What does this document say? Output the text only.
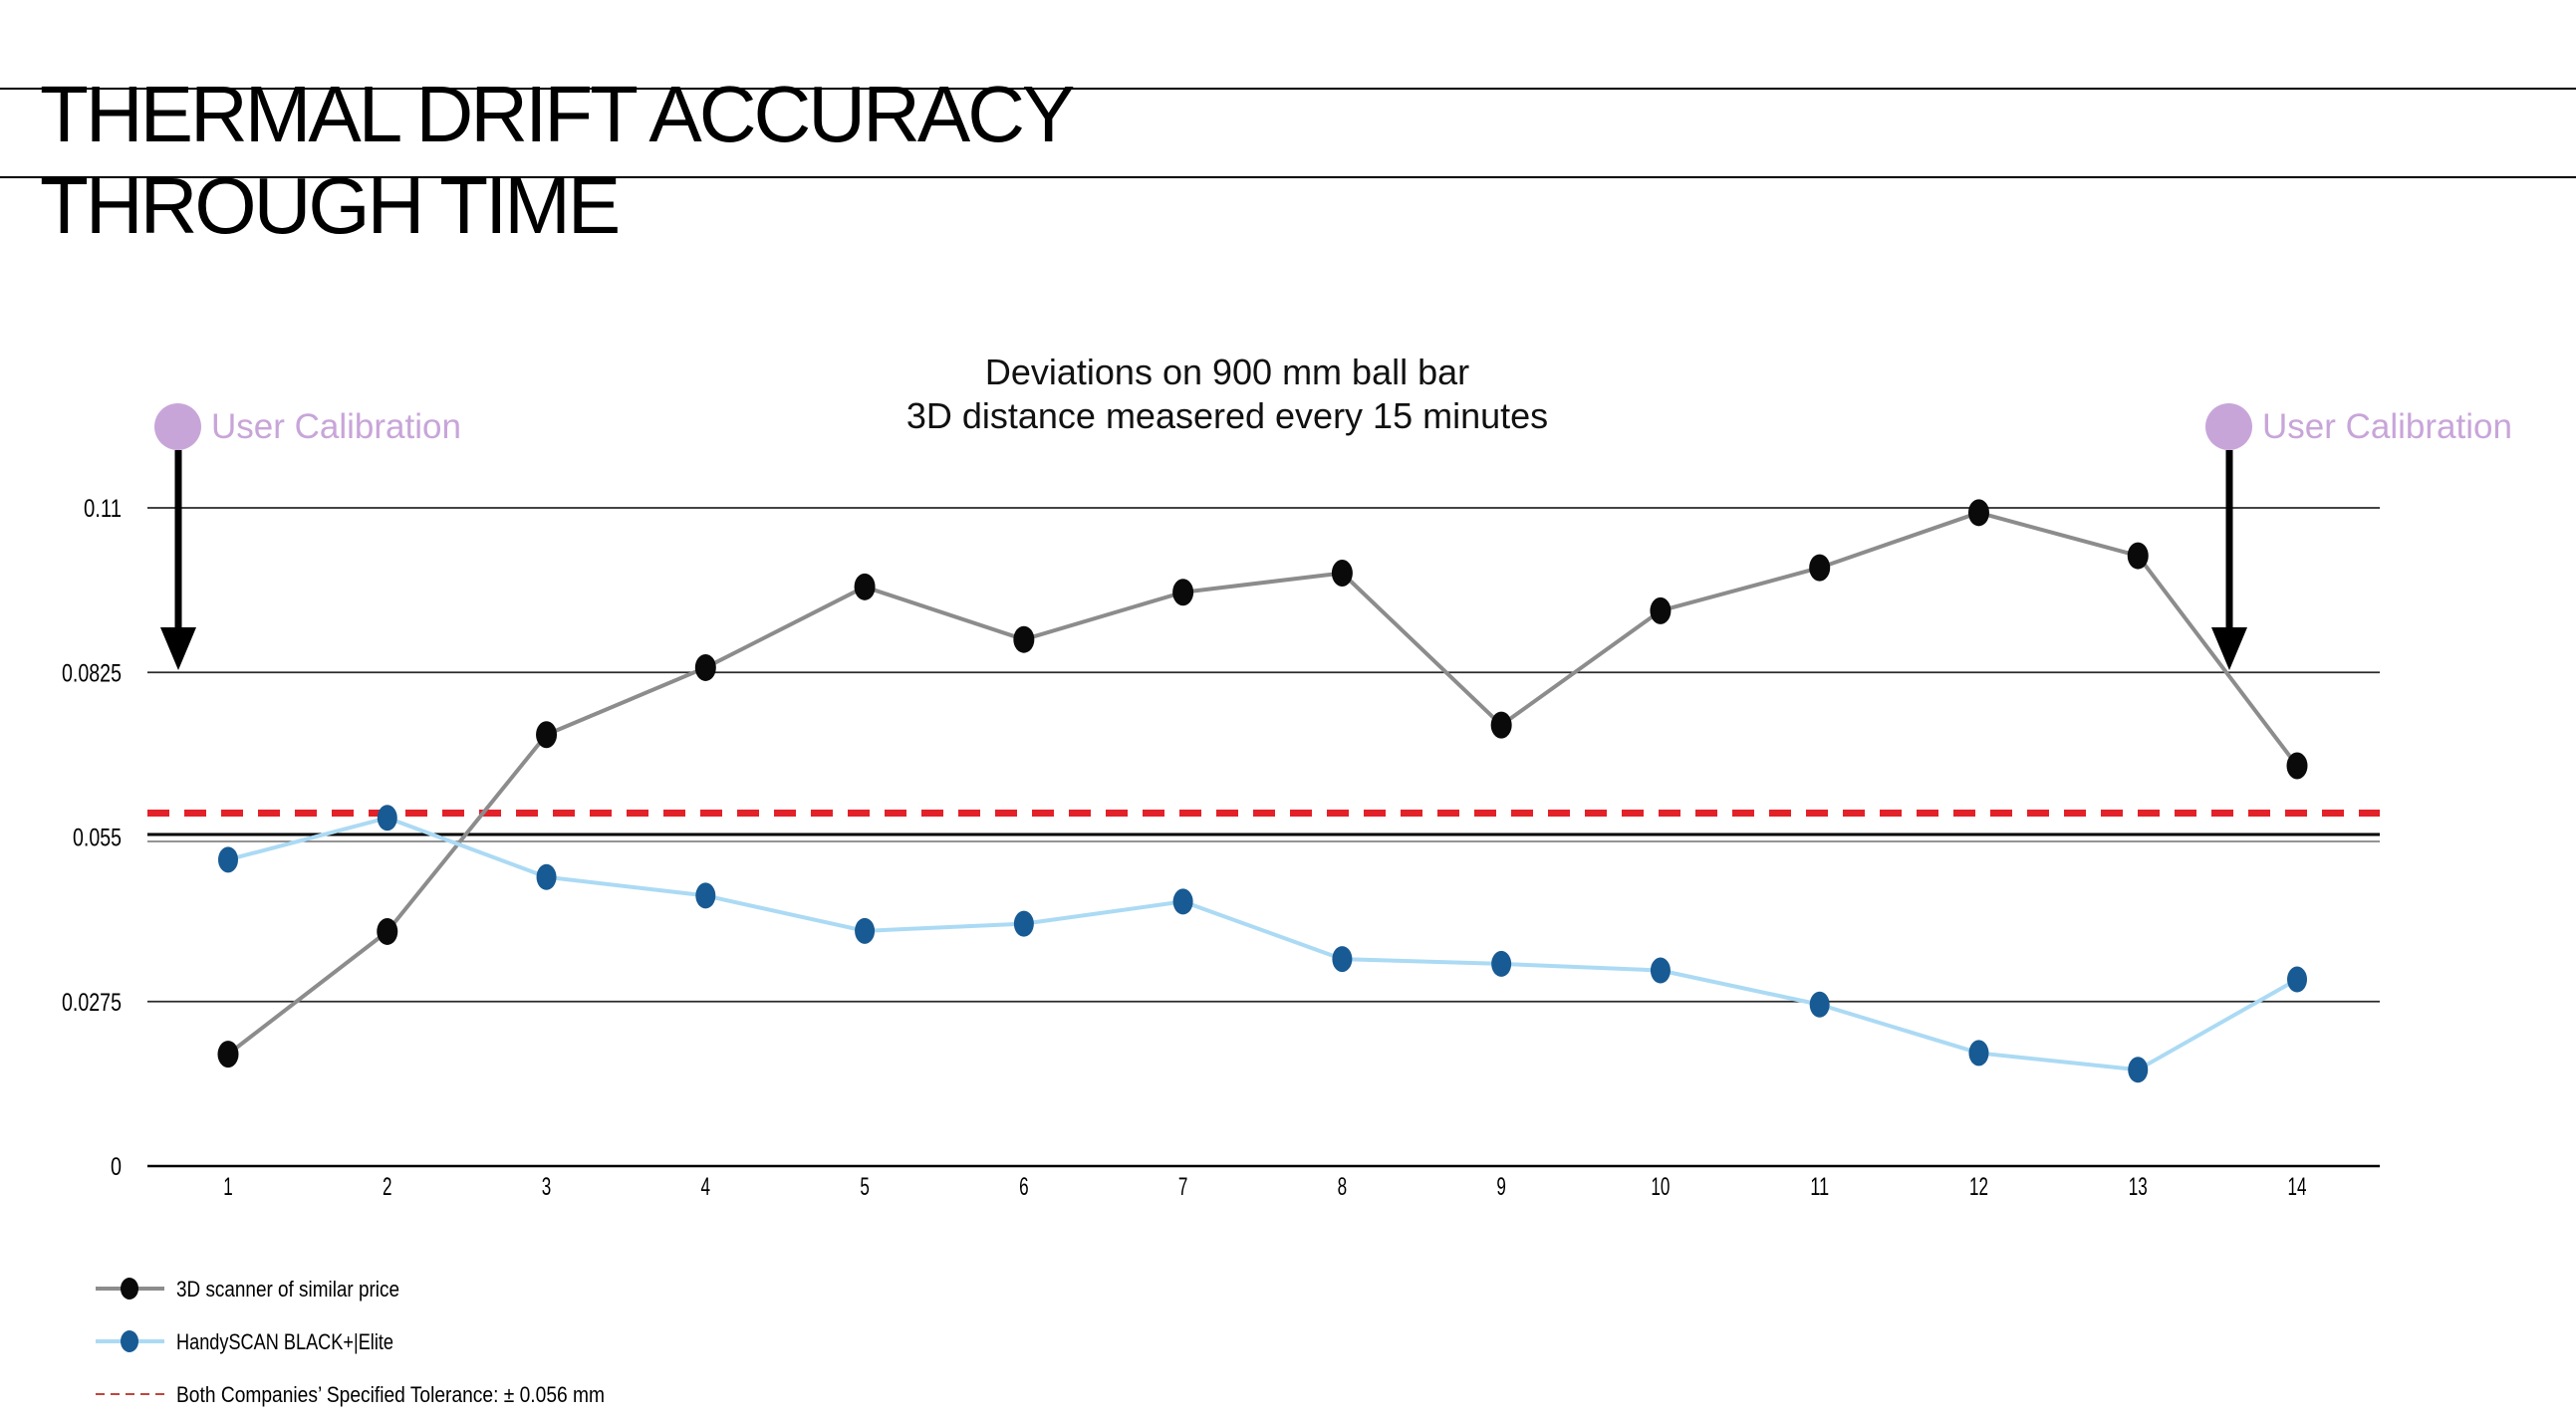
THERMAL DRIFT ACCURACY
THROUGH TIME
Deviations on 900 mm ball bar
3D distance measered every 15 minutes
User Calibration	User Calibration
0
0.0275
0.055
0.0825
0.11
1	2	3	4	5	6	7	8	9	10	11	12	13	14
3D scanner of similar price
HandySCAN BLACK+|Elite
Both Companies’ Specified Tolerance: ± 0.056 mm
